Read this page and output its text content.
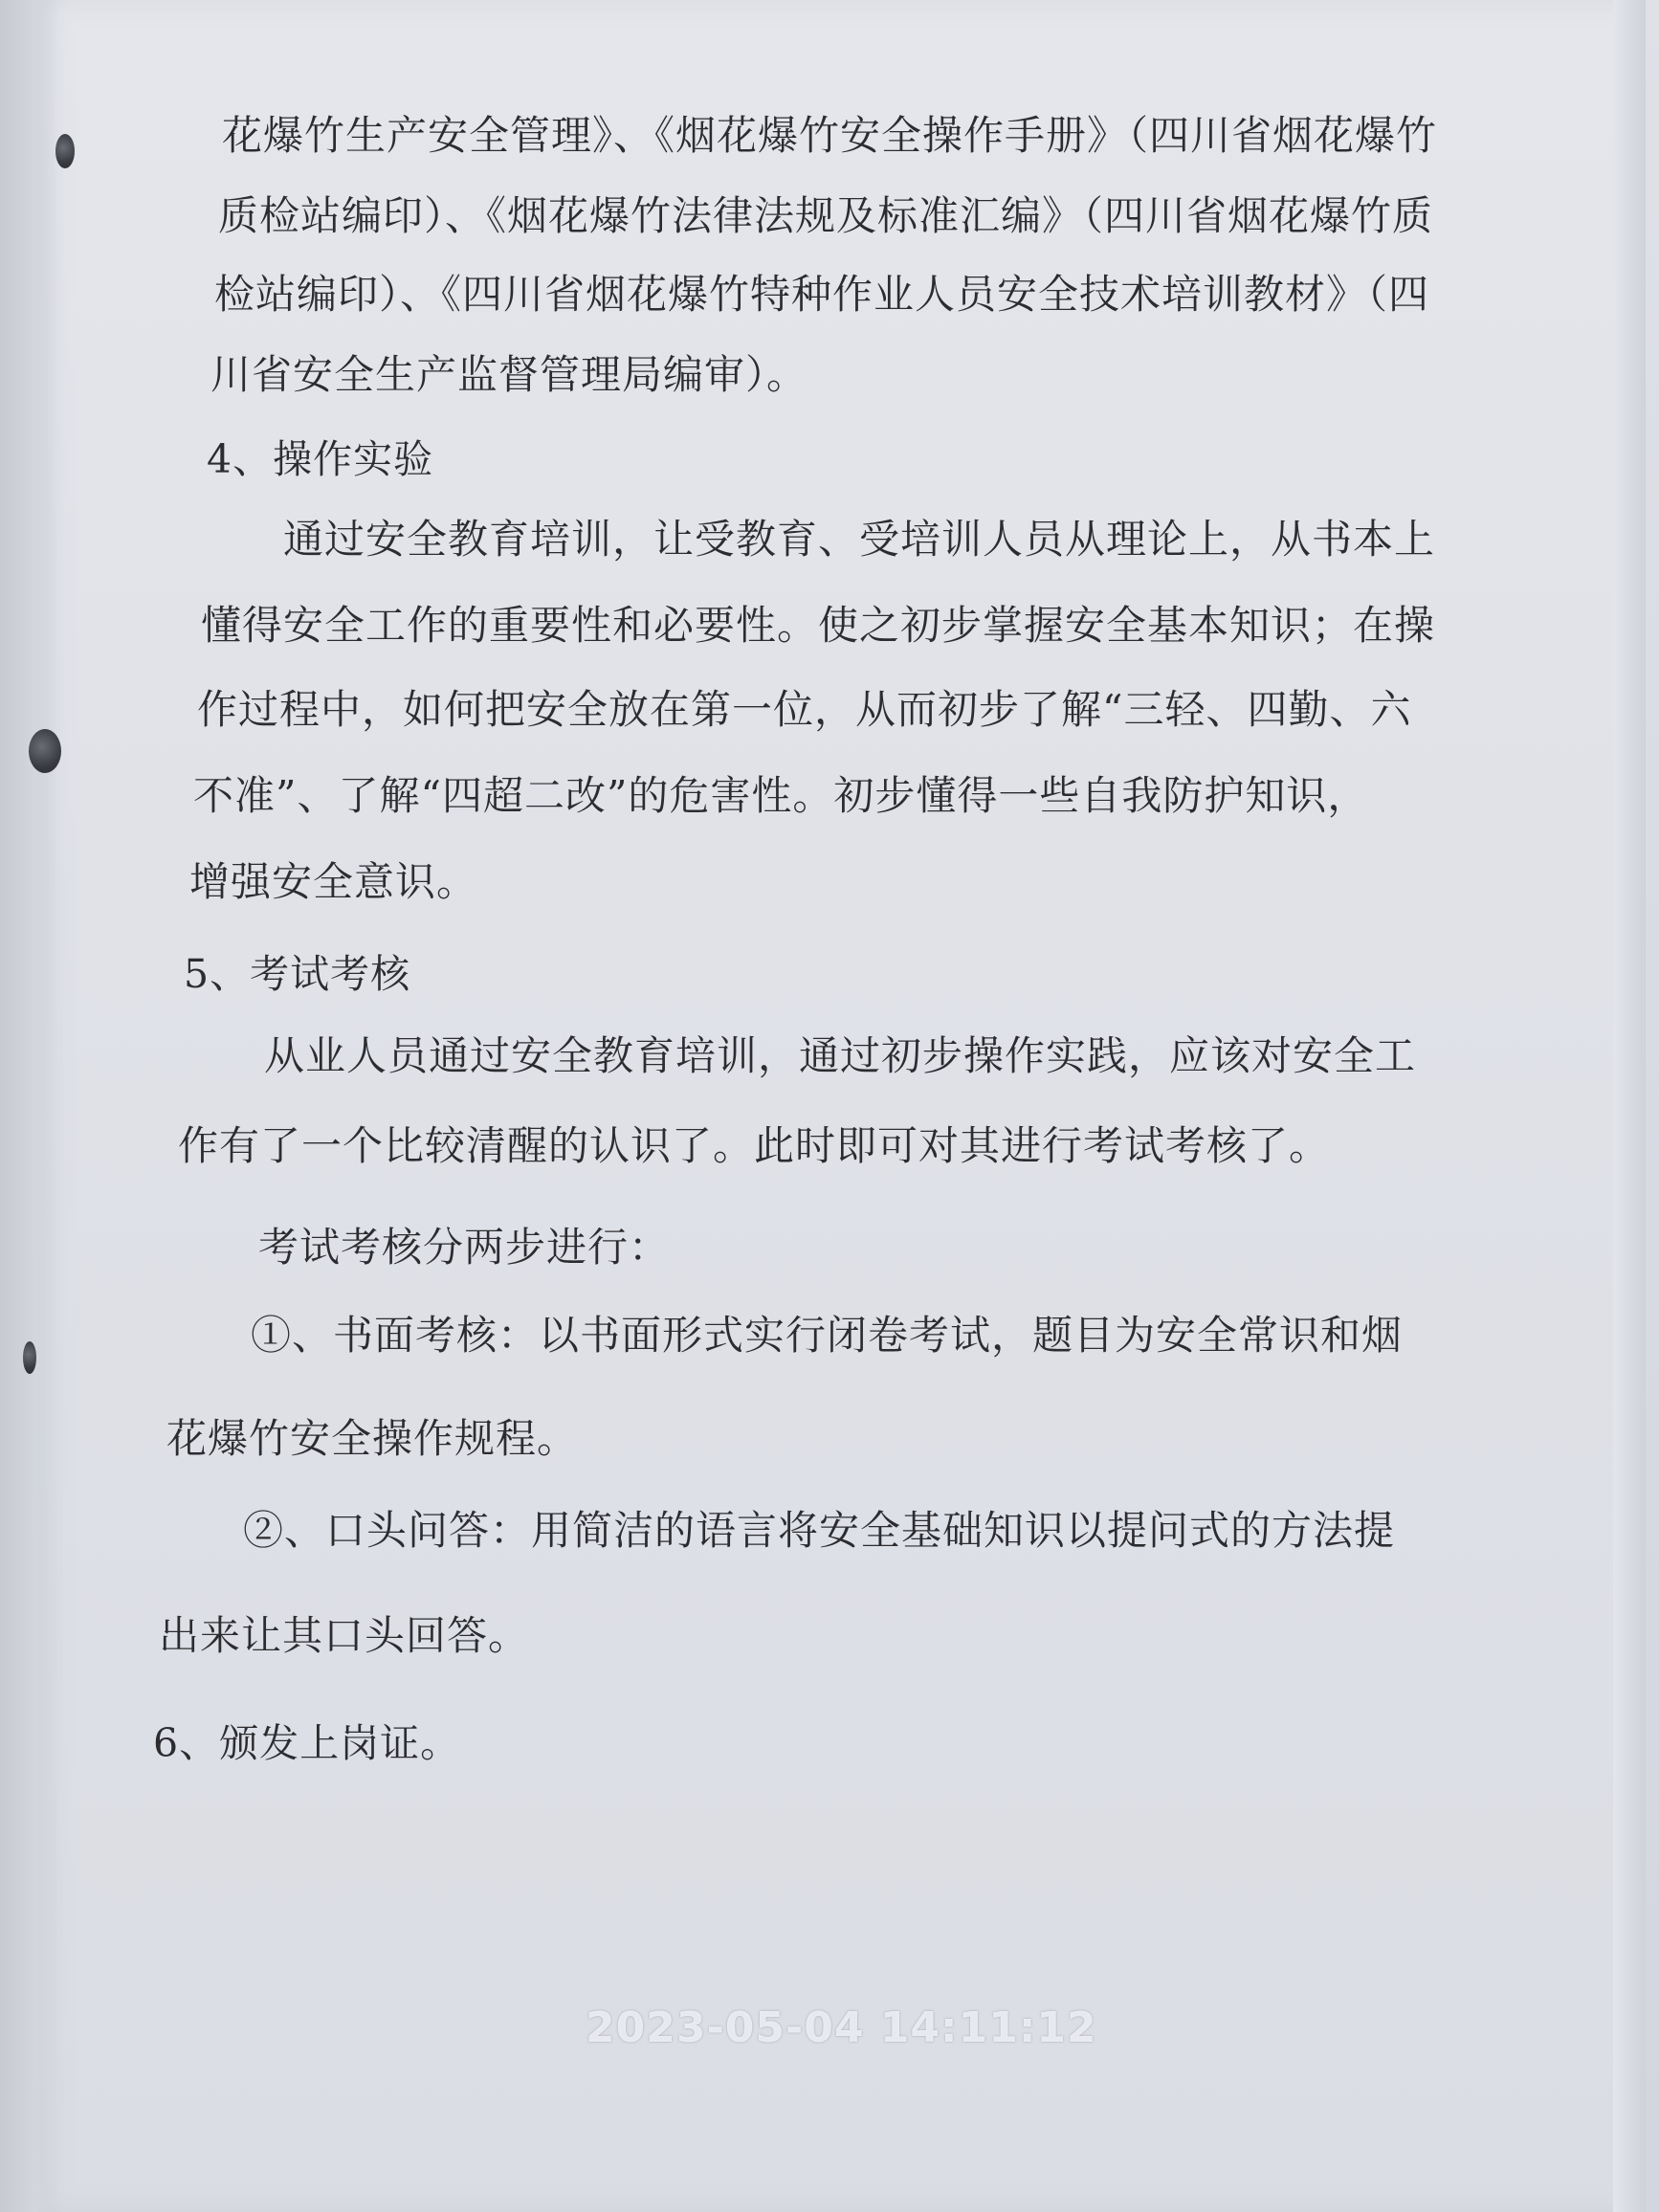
花爆竹生产安全管理》、《烟花爆竹安全操作手册》（四川省烟花爆竹
质检站编印）、《烟花爆竹法律法规及标准汇编》（四川省烟花爆竹质
检站编印）、《四川省烟花爆竹特种作业人员安全技术培训教材》（四
川省安全生产监督管理局编审）。
4、操作实验
通过安全教育培训，让受教育、受培训人员从理论上，从书本上
懂得安全工作的重要性和必要性。使之初步掌握安全基本知识；在操
作过程中，如何把安全放在第一位，从而初步了解“三轻、四勤、六
不准”、了解“四超二改”的危害性。初步懂得一些自我防护知识，
增强安全意识。
5、考试考核
从业人员通过安全教育培训，通过初步操作实践，应该对安全工
作有了一个比较清醒的认识了。此时即可对其进行考试考核了。
考试考核分两步进行：
①、书面考核：以书面形式实行闭卷考试，题目为安全常识和烟
花爆竹安全操作规程。
②、口头问答：用简洁的语言将安全基础知识以提问式的方法提
出来让其口头回答。
6、颁发上岗证。
2023-05-04 14:11:12
